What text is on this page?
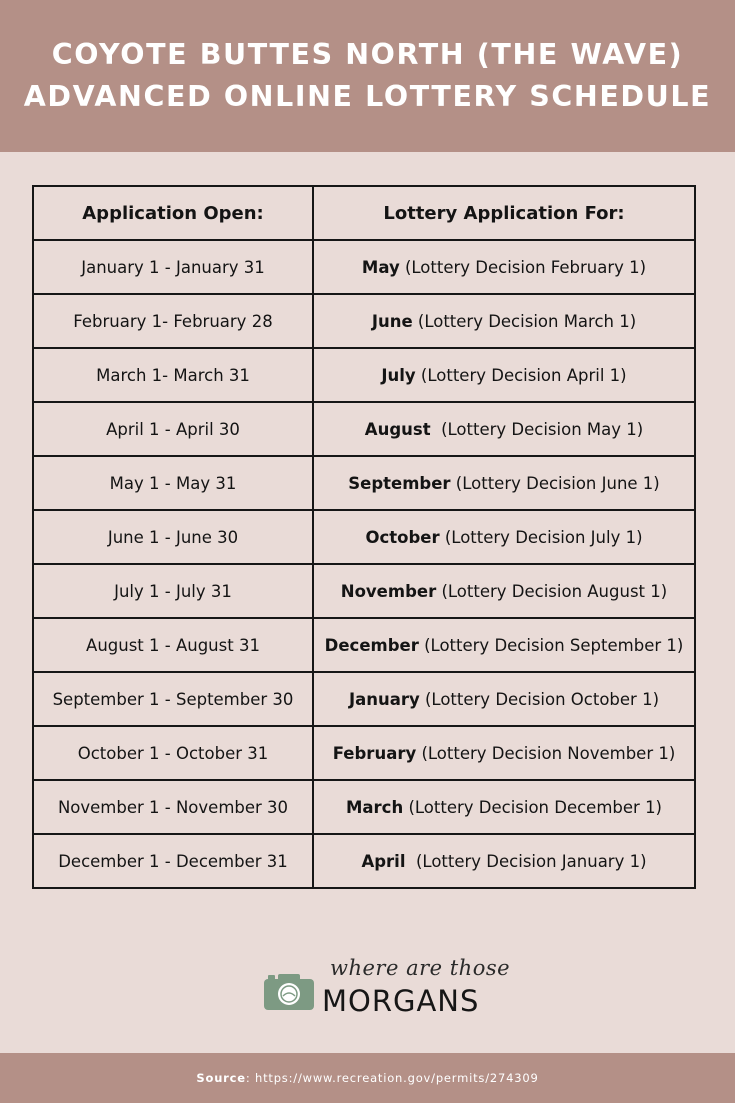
COYOTE BUTTES NORTH (THE WAVE)
ADVANCED ONLINE LOTTERY SCHEDULE
Application Open:	Lottery Application For:
January 1 - January 31	May (Lottery Decision February 1)
February 1- February 28	June (Lottery Decision March 1)
March 1- March 31	July (Lottery Decision April 1)
April 1 - April 30	August  (Lottery Decision May 1)
May 1 - May 31	September (Lottery Decision June 1)
June 1 - June 30	October (Lottery Decision July 1)
July 1 - July 31	November (Lottery Decision August 1)
August 1 - August 31	December (Lottery Decision September 1)
September 1 - September 30	January (Lottery Decision October 1)
October 1 - October 31	February (Lottery Decision November 1)
November 1 - November 30	March (Lottery Decision December 1)
December 1 - December 31	April  (Lottery Decision January 1)
where are those
MORGANS
Source : https://www.recreation.gov/permits/274309
